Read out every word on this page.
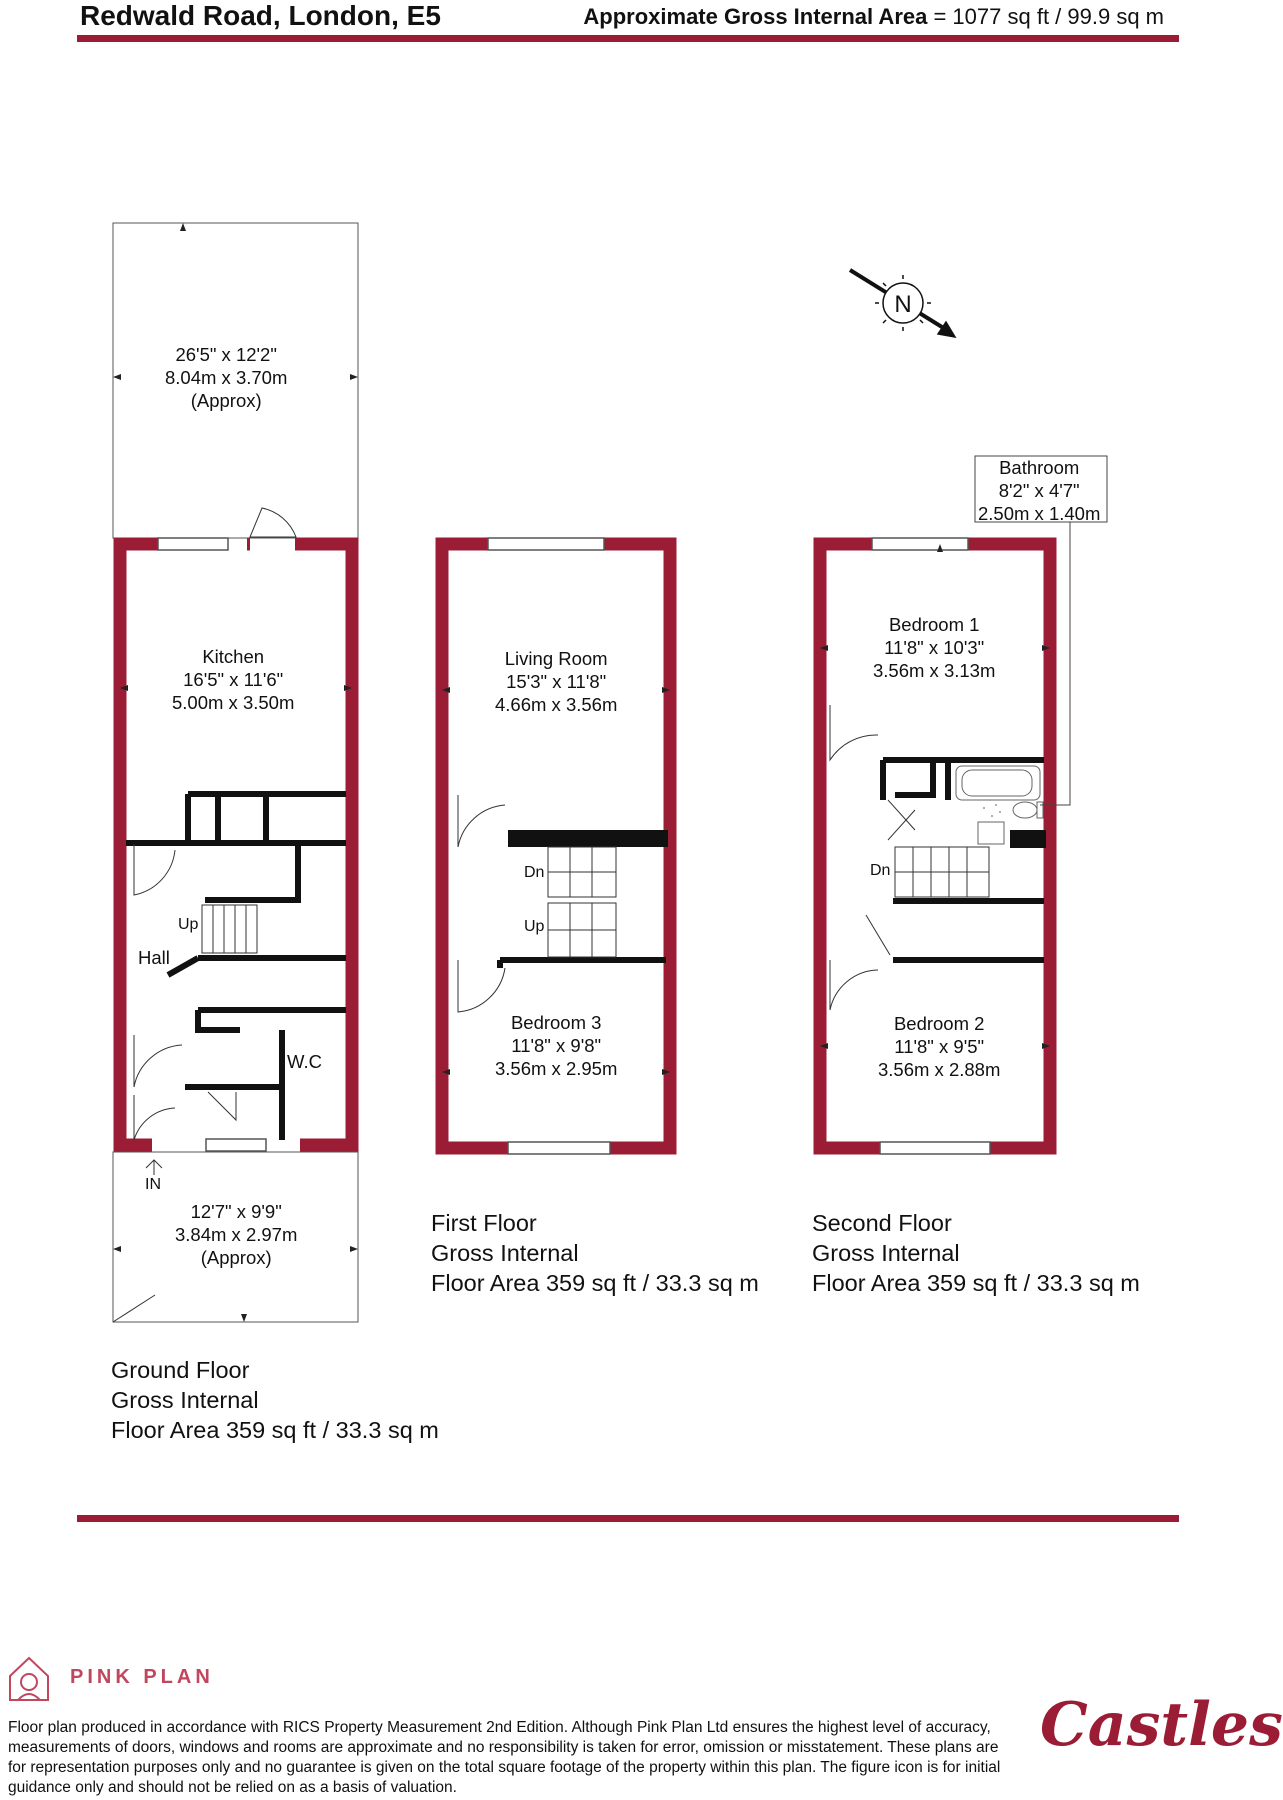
Redwald Road, London, E5	Approximate Gross Internal Area = 1077 sq ft / 99.9 sq m
N
26'5" x 12'2"
8.04m x 3.70m
(Approx)
Kitchen
16'5" x 11'6"
5.00m x 3.50m
Hall
W.C
12'7" x 9'9"
3.84m x 2.97m
(Approx)
Living Room
15'3" x 11'8"
4.66m x 3.56m
Bedroom 3
11'8" x 9'8"
3.56m x 2.95m
Bedroom 1
11'8" x 10'3"
3.56m x 3.13m
Bedroom 2
11'8" x 9'5"
3.56m x 2.88m
Bathroom
8'2" x 4'7"
2.50m x 1.40m
Up
Dn
Up
Dn
IN
Ground Floor
Gross Internal
Floor Area 359 sq ft / 33.3 sq m
First Floor
Gross Internal
Floor Area 359 sq ft / 33.3 sq m
Second Floor
Gross Internal
Floor Area 359 sq ft / 33.3 sq m
PINK PLAN
Floor plan produced in accordance with RICS Property Measurement 2nd Edition. Although Pink Plan Ltd ensures the highest level of accuracy, measurements of doors, windows and rooms are approximate and no responsibility is taken for error, omission or misstatement. These plans are for representation purposes only and no guarantee is given on the total square footage of the property within this plan. The figure icon is for initial guidance only and should not be relied on as a basis of valuation.
Castles
